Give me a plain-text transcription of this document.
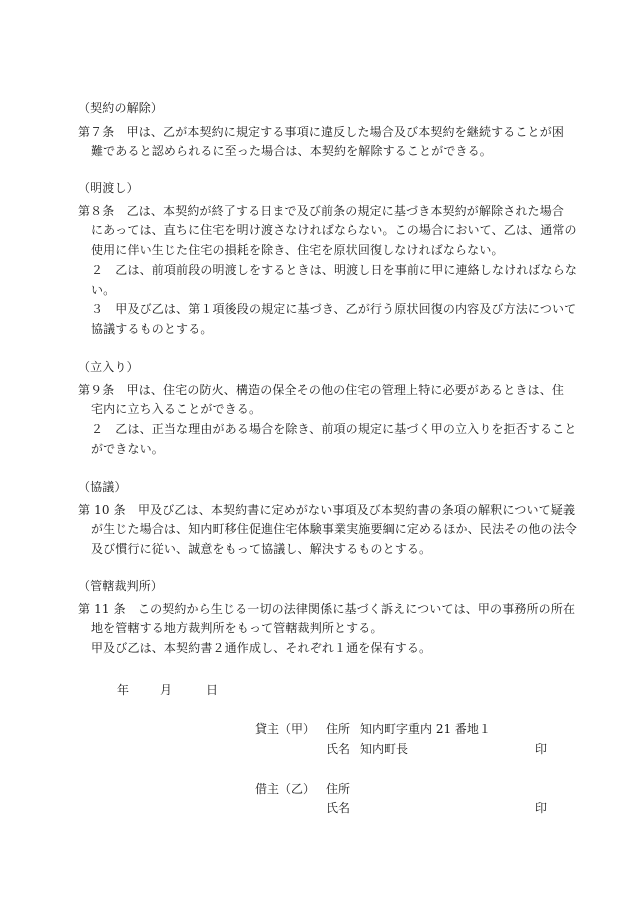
（契約の解除）
第７条　甲は、乙が本契約に規定する事項に違反した場合及び本契約を継続することが困
難であると認められるに至った場合は、本契約を解除することができる。
（明渡し）
第８条　乙は、本契約が終了する日まで及び前条の規定に基づき本契約が解除された場合
にあっては、直ちに住宅を明け渡さなければならない。この場合において、乙は、通常の
使用に伴い生じた住宅の損耗を除き、住宅を原状回復しなければならない。
２　乙は、前項前段の明渡しをするときは、明渡し日を事前に甲に連絡しなければならな
い。
３　甲及び乙は、第１項後段の規定に基づき、乙が行う原状回復の内容及び方法について
協議するものとする。
（立入り）
第９条　甲は、住宅の防火、構造の保全その他の住宅の管理上特に必要があるときは、住
宅内に立ち入ることができる。
２　乙は、正当な理由がある場合を除き、前項の規定に基づく甲の立入りを拒否すること
ができない。
（協議）
第 10 条　甲及び乙は、本契約書に定めがない事項及び本契約書の条項の解釈について疑義
が生じた場合は、知内町移住促進住宅体験事業実施要綱に定めるほか、民法その他の法令
及び慣行に従い、誠意をもって協議し、解決するものとする。
（管轄裁判所）
第 11 条　この契約から生じる一切の法律関係に基づく訴えについては、甲の事務所の所在
地を管轄する地方裁判所をもって管轄裁判所とする。
甲及び乙は、本契約書２通作成し、それぞれ１通を保有する。
年	月	日
貸主（甲） 住所 知内町字重内 21 番地１
氏名 知内町長	印
借主（乙） 住所
氏名	印
